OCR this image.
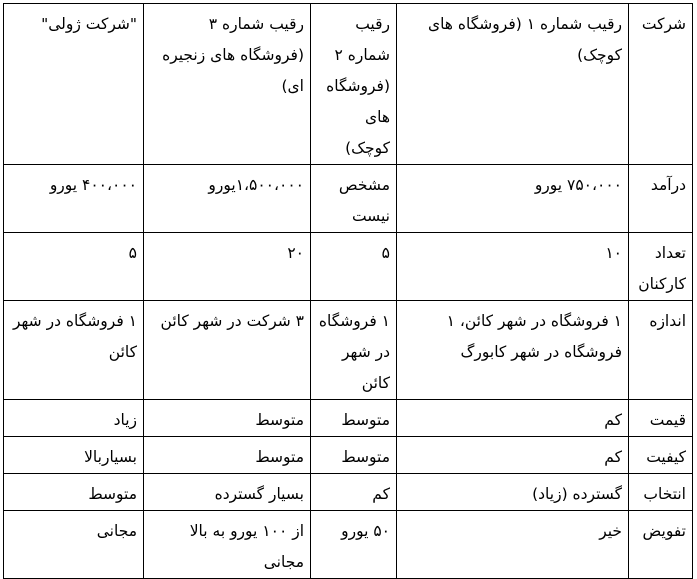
شرکت	رقیب شماره ۱ (فروشگاه های کوچک)	رقیب شماره ۲ (فروشگاه های کوچک)	رقیب شماره ۳ (فروشگاه های زنجیره ای)	"شرکت ژولی"
درآمد	۷۵۰،۰۰۰ یورو	مشخص نیست	۱،۵۰۰،۰۰۰یورو	۴۰۰،۰۰۰ یورو
تعداد کارکنان	۱۰	۵	۲۰	۵
اندازه	۱ فروشگاه در شهر کائن، ۱ فروشگاه در شهر کابورگ	۱ فروشگاه در شهر کائن	۳ شرکت در شهر کائن	۱ فروشگاه در شهر کائن
قیمت	کم	متوسط	متوسط	زیاد
کیفیت	کم	متوسط	متوسط	بسیاربالا
انتخاب	گسترده (زیاد)	کم	بسیار گسترده	متوسط
تفویض	خیر	۵۰ یورو	از ۱۰۰ یورو به بالا مجانی	مجانی
